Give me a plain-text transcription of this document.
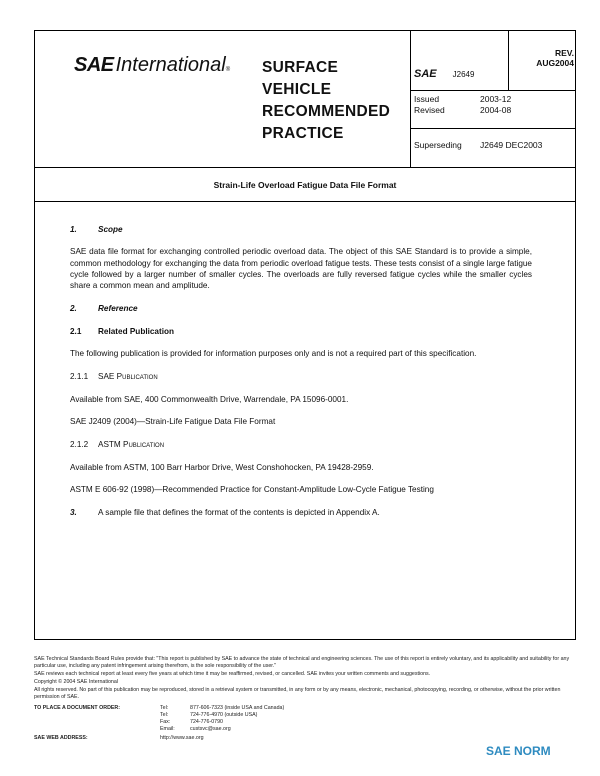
SAE International ® SURFACE
VEHICLE
RECOMMENDED
PRACTICE
SAE J2649
REV.
AUG2004
Issued	2003-12
Revised	2004-08
Superseding	J2649 DEC2003
Strain-Life Overload Fatigue Data File Format
1.	Scope

SAE data file format for exchanging controlled periodic overload data. The object of this SAE Standard is to provide a simple, common methodology for exchanging the data from periodic overload fatigue tests. These tests consist of a single large fatigue cycle followed by a larger number of smaller cycles. The overloads are fully reversed fatigue cycles while the smaller cycles share a common mean and amplitude.

2.	Reference
2.1	Related Publication

The following publication is provided for information purposes only and is not a required part of this specification.

2.1.1	SAE Publication

Available from SAE, 400 Commonwealth Drive, Warrendale, PA 15096-0001.

SAE J2409 (2004)—Strain-Life Fatigue Data File Format

2.1.2	ASTM Publication

Available from ASTM, 100 Barr Harbor Drive, West Conshohocken, PA 19428-2959.

ASTM E 606-92 (1998)—Recommended Practice for Constant-Amplitude Low-Cycle Fatigue Testing

3.	A sample file that defines the format of the contents is depicted in Appendix A.

SAE Technical Standards Board Rules provide that: "This report is published by SAE to advance the state of technical and engineering sciences. The use of this report is entirely voluntary, and its applicability and suitability for any particular use, including any patent infringement arising therefrom, is the sole responsibility of the user."

SAE reviews each technical report at least every five years at which time it may be reaffirmed, revised, or cancelled. SAE invites your written comments and suggestions.

Copyright © 2004 SAE International

All rights reserved. No part of this publication may be reproduced, stored in a retrieval system or transmitted, in any form or by any means, electronic, mechanical, photocopying, recording, or otherwise, without the prior written permission of SAE.

TO PLACE A DOCUMENT ORDER:	Tel:	877-606-7323 (inside USA and Canada)
Tel:	724-776-4970 (outside USA)
Fax:	724-776-0790
Email:	custsvc@sae.org
SAE WEB ADDRESS:	http://www.sae.org
SAE NORM
